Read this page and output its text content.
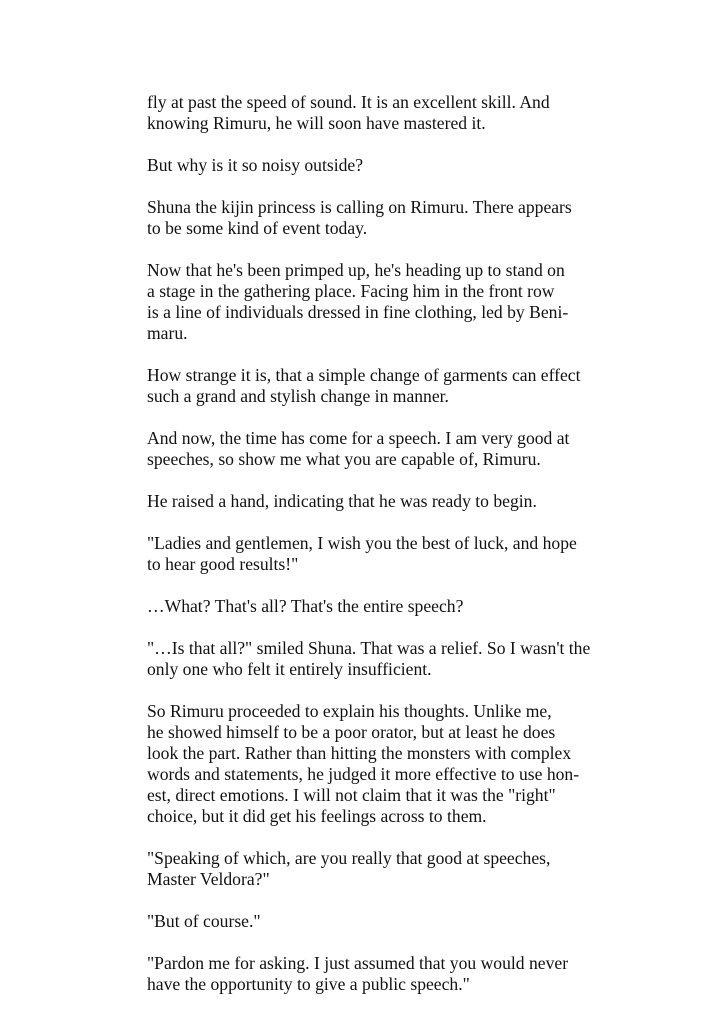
fly at past the speed of sound. It is an excellent skill. And
knowing Rimuru, he will soon have mastered it.

But why is it so noisy outside?

Shuna the kijin princess is calling on Rimuru. There appears
to be some kind of event today.

Now that he's been primped up, he's heading up to stand on
a stage in the gathering place. Facing him in the front row
is a line of individuals dressed in fine clothing, led by Beni-
maru.

How strange it is, that a simple change of garments can effect
such a grand and stylish change in manner.

And now, the time has come for a speech. I am very good at
speeches, so show me what you are capable of, Rimuru.

He raised a hand, indicating that he was ready to begin.

"Ladies and gentlemen, I wish you the best of luck, and hope
to hear good results!"

…What? That's all? That's the entire speech?

"…Is that all?" smiled Shuna. That was a relief. So I wasn't the
only one who felt it entirely insufficient.

So Rimuru proceeded to explain his thoughts. Unlike me,
he showed himself to be a poor orator, but at least he does
look the part. Rather than hitting the monsters with complex
words and statements, he judged it more effective to use hon-
est, direct emotions. I will not claim that it was the "right"
choice, but it did get his feelings across to them.

"Speaking of which, are you really that good at speeches,
Master Veldora?"

"But of course."

"Pardon me for asking. I just assumed that you would never
have the opportunity to give a public speech."
